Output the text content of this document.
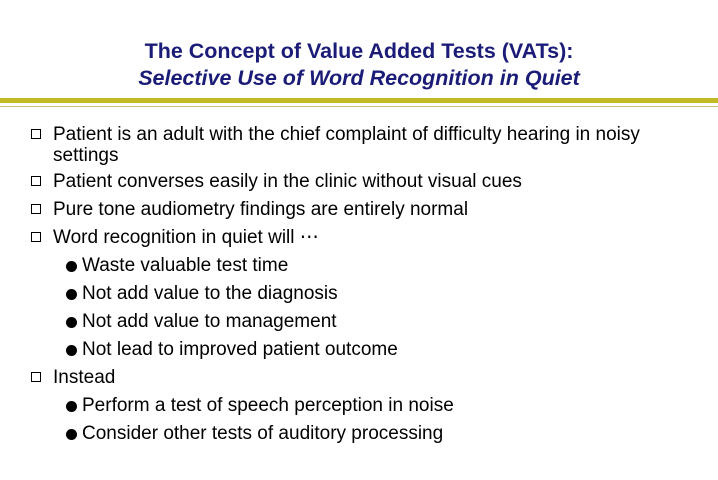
The Concept of Value Added Tests (VATs):
Selective Use of Word Recognition in Quiet
Patient is an adult with the chief complaint of difficulty hearing in noisy settings
Patient converses easily in the clinic without visual cues
Pure tone audiometry findings are entirely normal
Word recognition in quiet will ⋯
Waste valuable test time
Not add value to the diagnosis
Not add value to management
Not lead to improved patient outcome
Instead
Perform a test of speech perception in noise
Consider other tests of auditory processing
